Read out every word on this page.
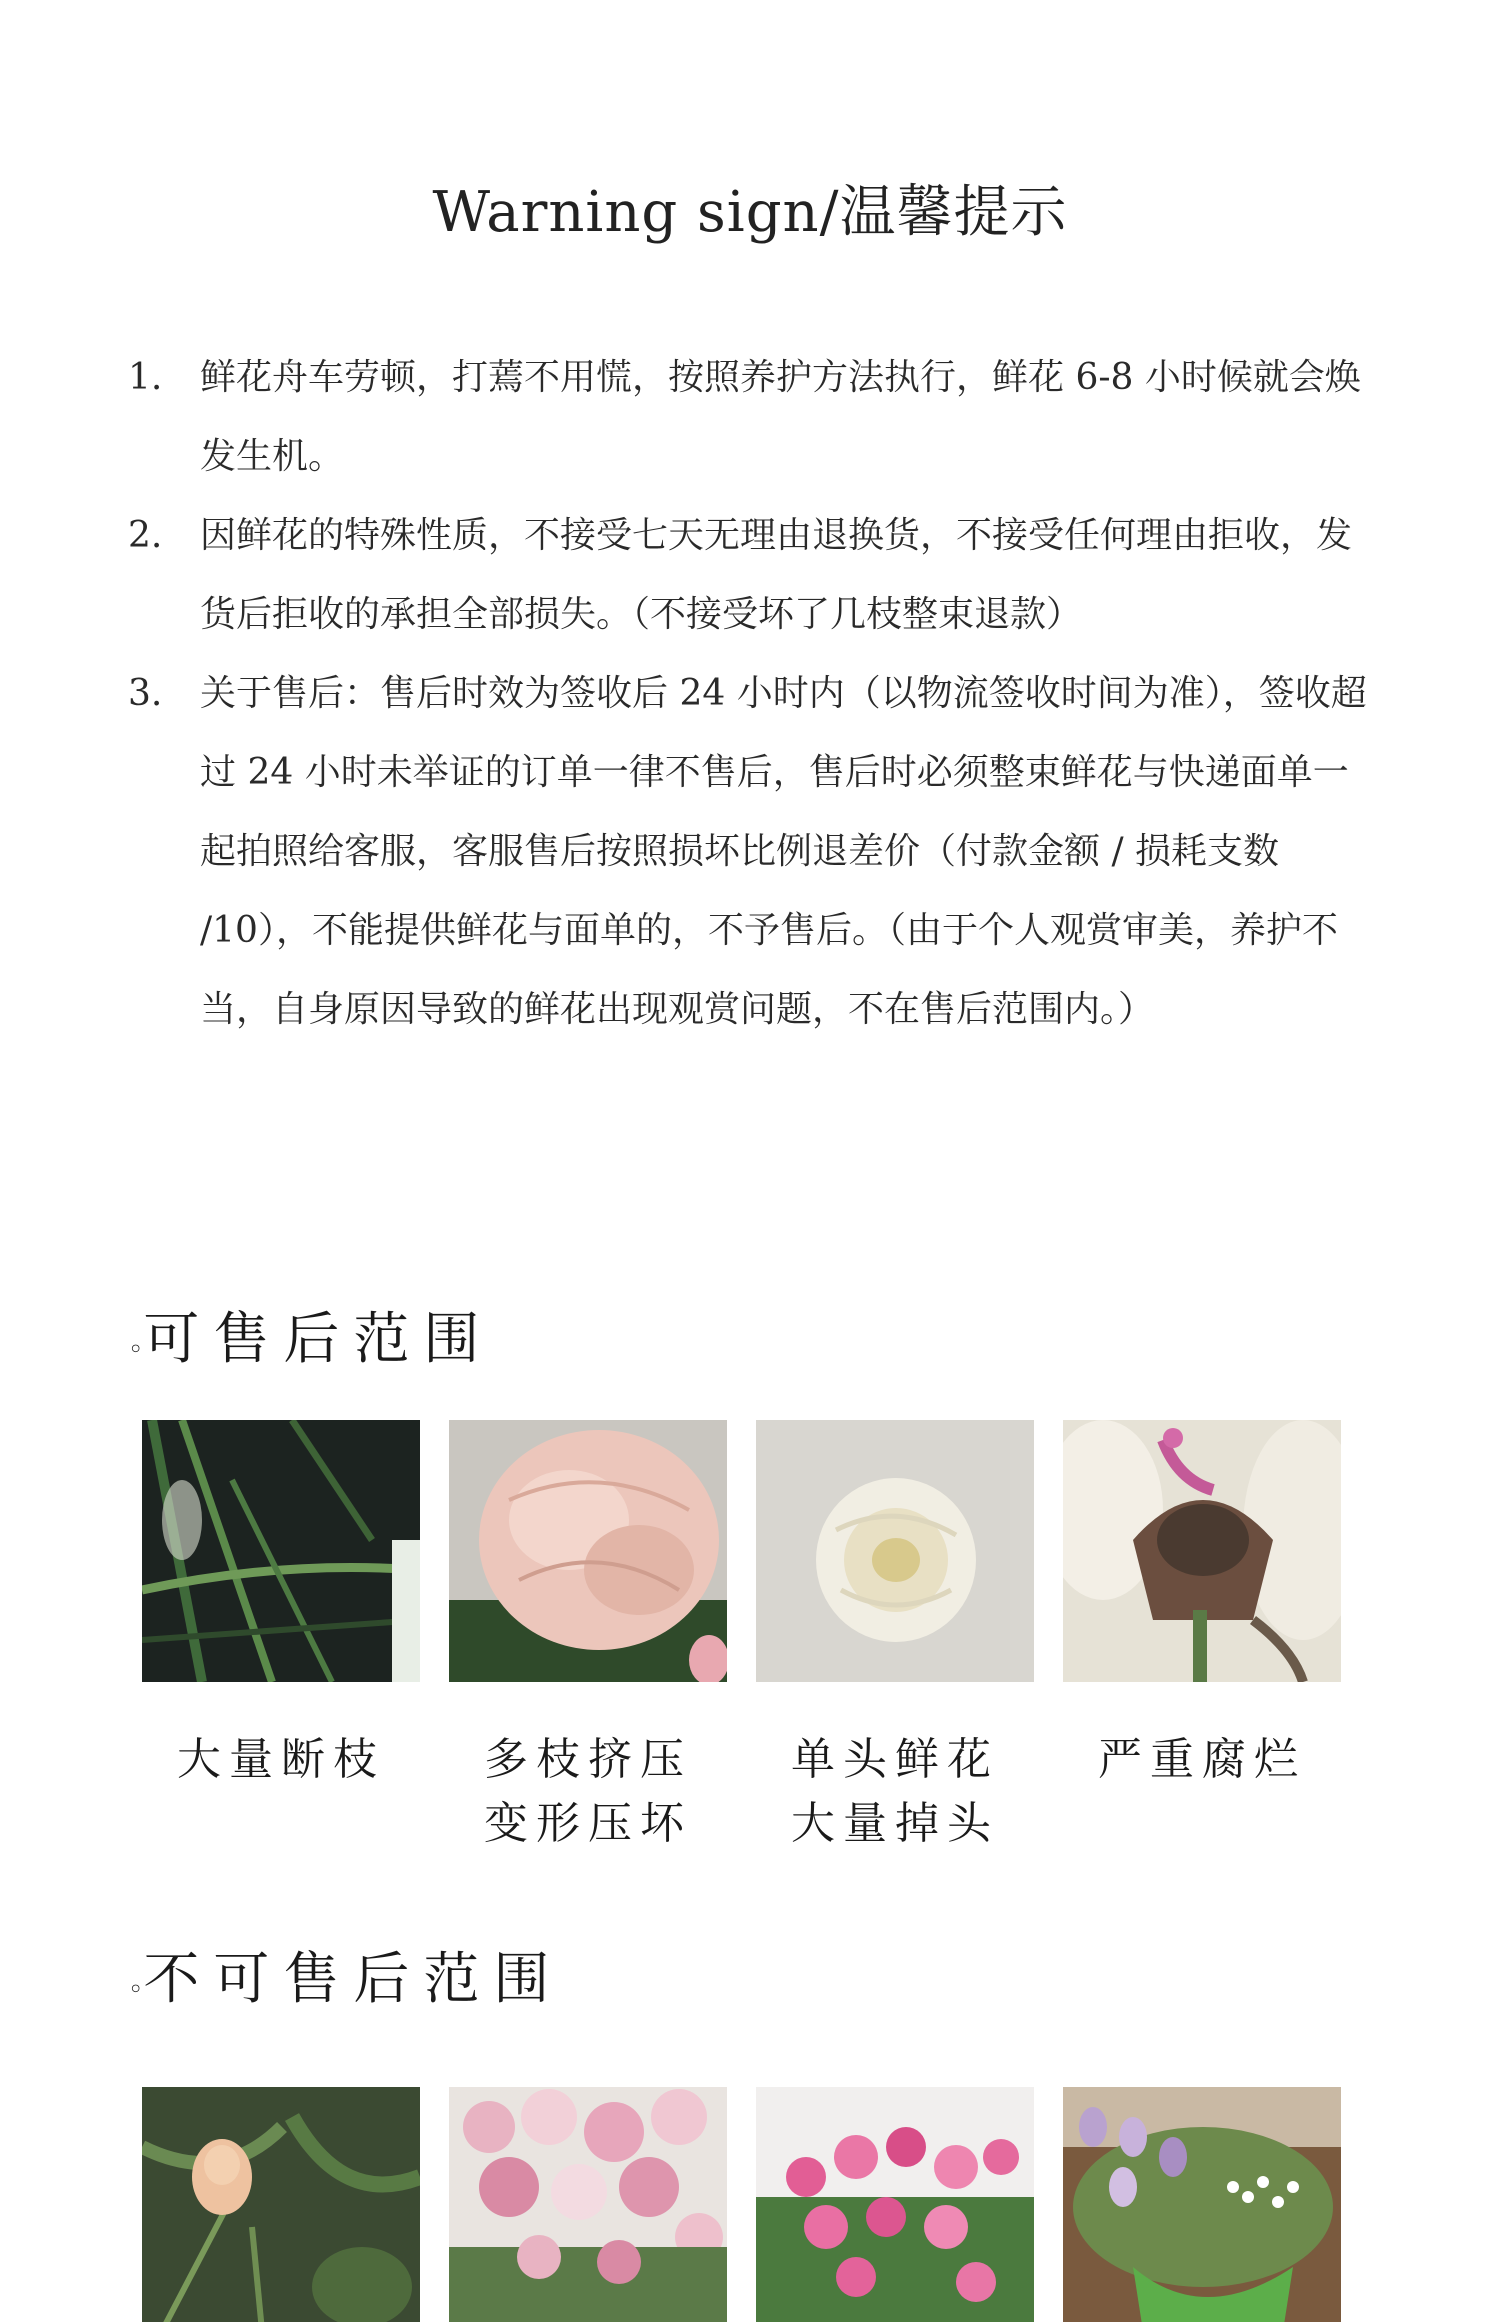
Warning sign/温馨提示

1. 鲜花舟车劳顿，打蔫不用慌，按照养护方法执行，鲜花 6-8 小时候就会焕发生机。

2. 因鲜花的特殊性质，不接受七天无理由退换货，不接受任何理由拒收，发货后拒收的承担全部损失。（不接受坏了几枝整束退款）

3. 关于售后：售后时效为签收后 24 小时内（以物流签收时间为准），签收超过 24 小时未举证的订单一律不售后，售后时必须整束鲜花与快递面单一起拍照给客服，客服售后按照损坏比例退差价（付款金额 / 损耗支数 /10），不能提供鲜花与面单的，不予售后。（由于个人观赏审美，养护不当，自身原因导致的鲜花出现观赏问题，不在售后范围内。）

◦可售后范围
大量断枝	多枝挤压
变形压坏
单头鲜花
大量掉头
严重腐烂
◦不可售后范围
